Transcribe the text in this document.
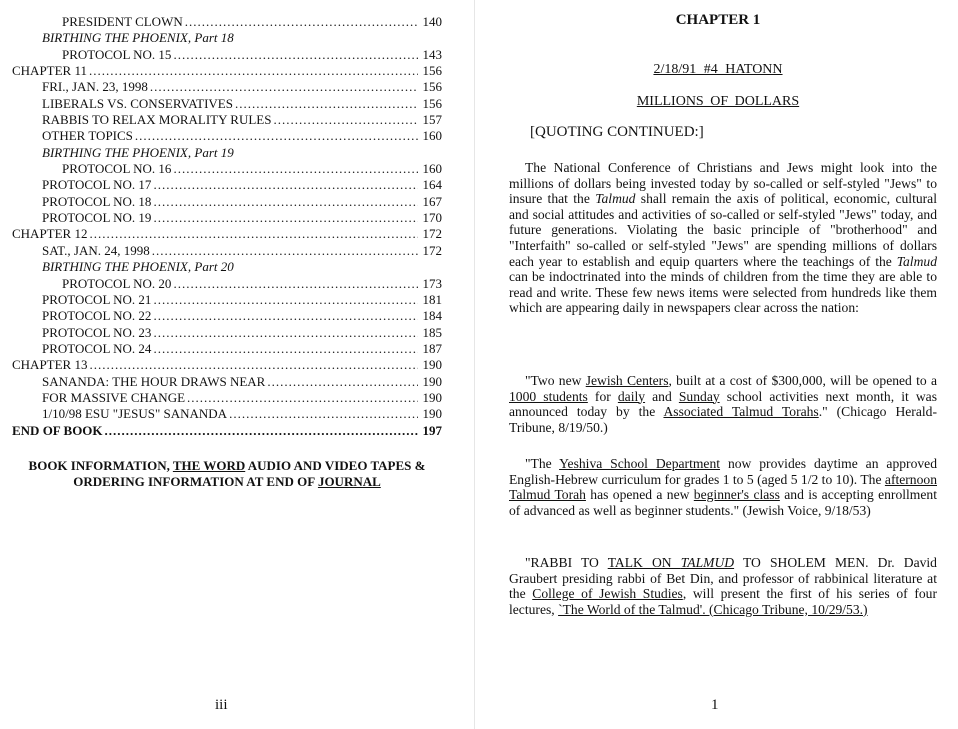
PRESIDENT CLOWN .....	140
BIRTHING THE PHOENIX, Part 18
PROTOCOL NO. 15 .....	143
CHAPTER 11 .....	156
FRI., JAN. 23, 1998 .....	156
LIBERALS VS. CONSERVATIVES .....	156
RABBIS TO RELAX MORALITY RULES .....	157
OTHER TOPICS .....	160
BIRTHING THE PHOENIX, Part 19
PROTOCOL NO. 16 .....	160
PROTOCOL NO. 17 .....	164
PROTOCOL NO. 18 .....	167
PROTOCOL NO. 19 .....	170
CHAPTER 12 .....	172
SAT., JAN. 24, 1998 .....	172
BIRTHING THE PHOENIX, Part 20
PROTOCOL NO. 20 .....	173
PROTOCOL NO. 21 .....	181
PROTOCOL NO. 22 .....	184
PROTOCOL NO. 23 .....	185
PROTOCOL NO. 24 .....	187
CHAPTER 13 .....	190
SANANDA: THE HOUR DRAWS NEAR .....	190
FOR MASSIVE CHANGE .....	190
1/10/98 ESU "JESUS" SANANDA .....	190
END OF BOOK .....	197
BOOK INFORMATION, THE WORD AUDIO AND VIDEO TAPES & ORDERING INFORMATION AT END OF JOURNAL
iii
CHAPTER 1
2/18/91 #4 HATONN
MILLIONS OF DOLLARS
[QUOTING CONTINUED:]

The National Conference of Christians and Jews might look into the millions of dollars being invested today by so-called or self-styled "Jews" to insure that the Talmud shall remain the axis of political, economic, cultural and social attitudes and activities of so-called or self-styled "Jews" today, and future generations. Violating the basic principle of "brotherhood" and "Interfaith" so-called or self-styled "Jews" are spending millions of dollars each year to establish and equip quarters where the teachings of the Talmud can be indoctrinated into the minds of children from the time they are able to read and write. These few news items were selected from hundreds like them which are appearing daily in newspapers clear across the nation:

"Two new Jewish Centers, built at a cost of $300,000, will be opened to a 1000 students for daily and Sunday school activities next month, it was announced today by the Associated Talmud Torahs." (Chicago Herald-Tribune, 8/19/50.)

"The Yeshiva School Department now provides daytime an approved English-Hebrew curriculum for grades 1 to 5 (aged 5 1/2 to 10). The afternoon Talmud Torah has opened a new beginner's class and is accepting enrollment of advanced as well as beginner students." (Jewish Voice, 9/18/53)

"RABBI TO TALK ON TALMUD TO SHOLEM MEN. Dr. David Graubert presiding rabbi of Bet Din, and professor of rabbinical literature at the College of Jewish Studies, will present the first of his series of four lectures, `The World of the Talmud'. (Chicago Tribune, 10/29/53.)

1
